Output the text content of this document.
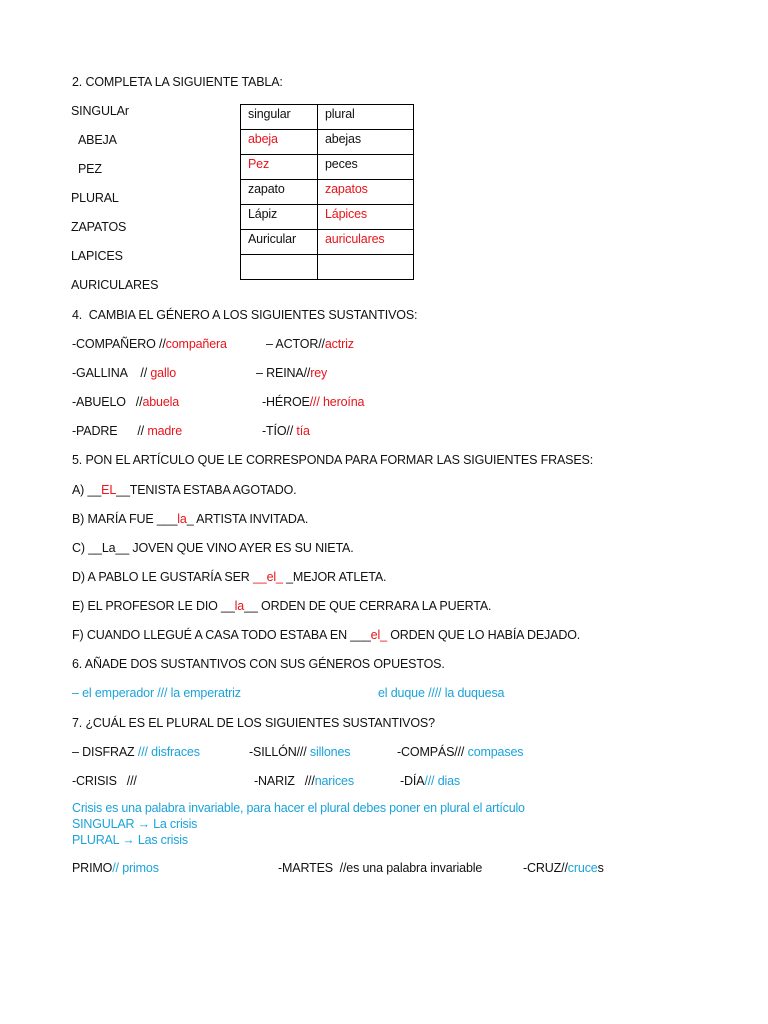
2. COMPLETA LA SIGUIENTE TABLA:
SINGULAr
ABEJA
PEZ
PLURAL
ZAPATOS
LAPICES
AURICULARES
singular	plural
abeja	abejas
Pez	peces
zapato	zapatos
Lápiz	Lápices
Auricular	auriculares

4.  CAMBIA EL GÉNERO A LOS SIGUIENTES SUSTANTIVOS:
-COMPAÑERO //compañera	– ACTOR//actriz
-GALLINA    // gallo	– REINA//rey
-ABUELO   //abuela	-HÉROE/// heroína
-PADRE      // madre	-TÍO// tía
5. PON EL ARTÍCULO QUE LE CORRESPONDA PARA FORMAR LAS SIGUIENTES FRASES:
A) __EL__TENISTA ESTABA AGOTADO.
B) MARÍA FUE ___la_ ARTISTA INVITADA.
C) __La__ JOVEN QUE VINO AYER ES SU NIETA.
D) A PABLO LE GUSTARÍA SER __el_ _MEJOR ATLETA.
E) EL PROFESOR LE DIO __la__ ORDEN DE QUE CERRARA LA PUERTA.
F) CUANDO LLEGUÉ A CASA TODO ESTABA EN ___el_ ORDEN QUE LO HABÍA DEJADO.
6. AÑADE DOS SUSTANTIVOS CON SUS GÉNEROS OPUESTOS.
– el emperador /// la emperatriz	el duque //// la duquesa
7. ¿CUÁL ES EL PLURAL DE LOS SIGUIENTES SUSTANTIVOS?
– DISFRAZ /// disfraces	-SILLÓN/// sillones	-COMPÁS/// compases
-CRISIS   ///	-NARIZ   ///narices	-DÍA/// dias
Crisis es una palabra invariable, para hacer el plural debes poner en plural el artículo
SINGULAR → La crisis
PLURAL → Las crisis
PRIMO// primos	-MARTES  //es una palabra invariable	-CRUZ//cruces
